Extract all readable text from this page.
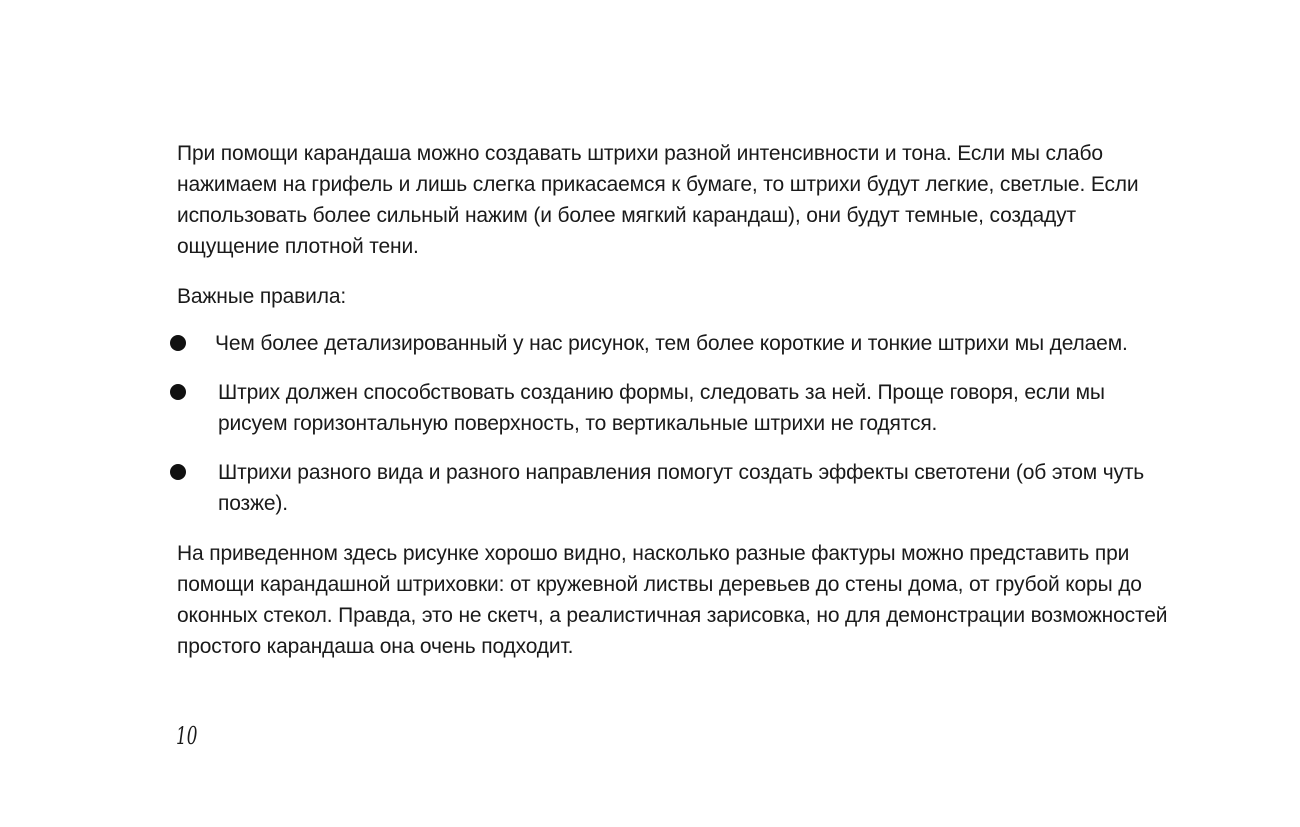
При помощи карандаша можно создавать штрихи разной интенсивности и тона. Если мы слабо нажимаем на грифель и лишь слегка прикасаемся к бумаге, то штрихи будут легкие, светлые. Если использовать более сильный нажим (и более мягкий карандаш), они будут темные, создадут ощущение плотной тени.

Важные правила:

Чем более детализированный у нас рисунок, тем более короткие и тонкие штрихи мы делаем.
Штрих должен способствовать созданию формы, следовать за ней. Проще говоря, если мы рисуем горизонтальную поверхность, то вертикальные штрихи не годятся.
Штрихи разного вида и разного направления помогут создать эффекты светотени (об этом чуть позже).

На приведенном здесь рисунке хорошо видно, насколько разные фактуры можно представить при помощи карандашной штриховки: от кружевной листвы деревьев до стены дома, от грубой коры до оконных стекол. Правда, это не скетч, а реалистичная зарисовка, но для демонстрации возможностей простого карандаша она очень подходит.

10
